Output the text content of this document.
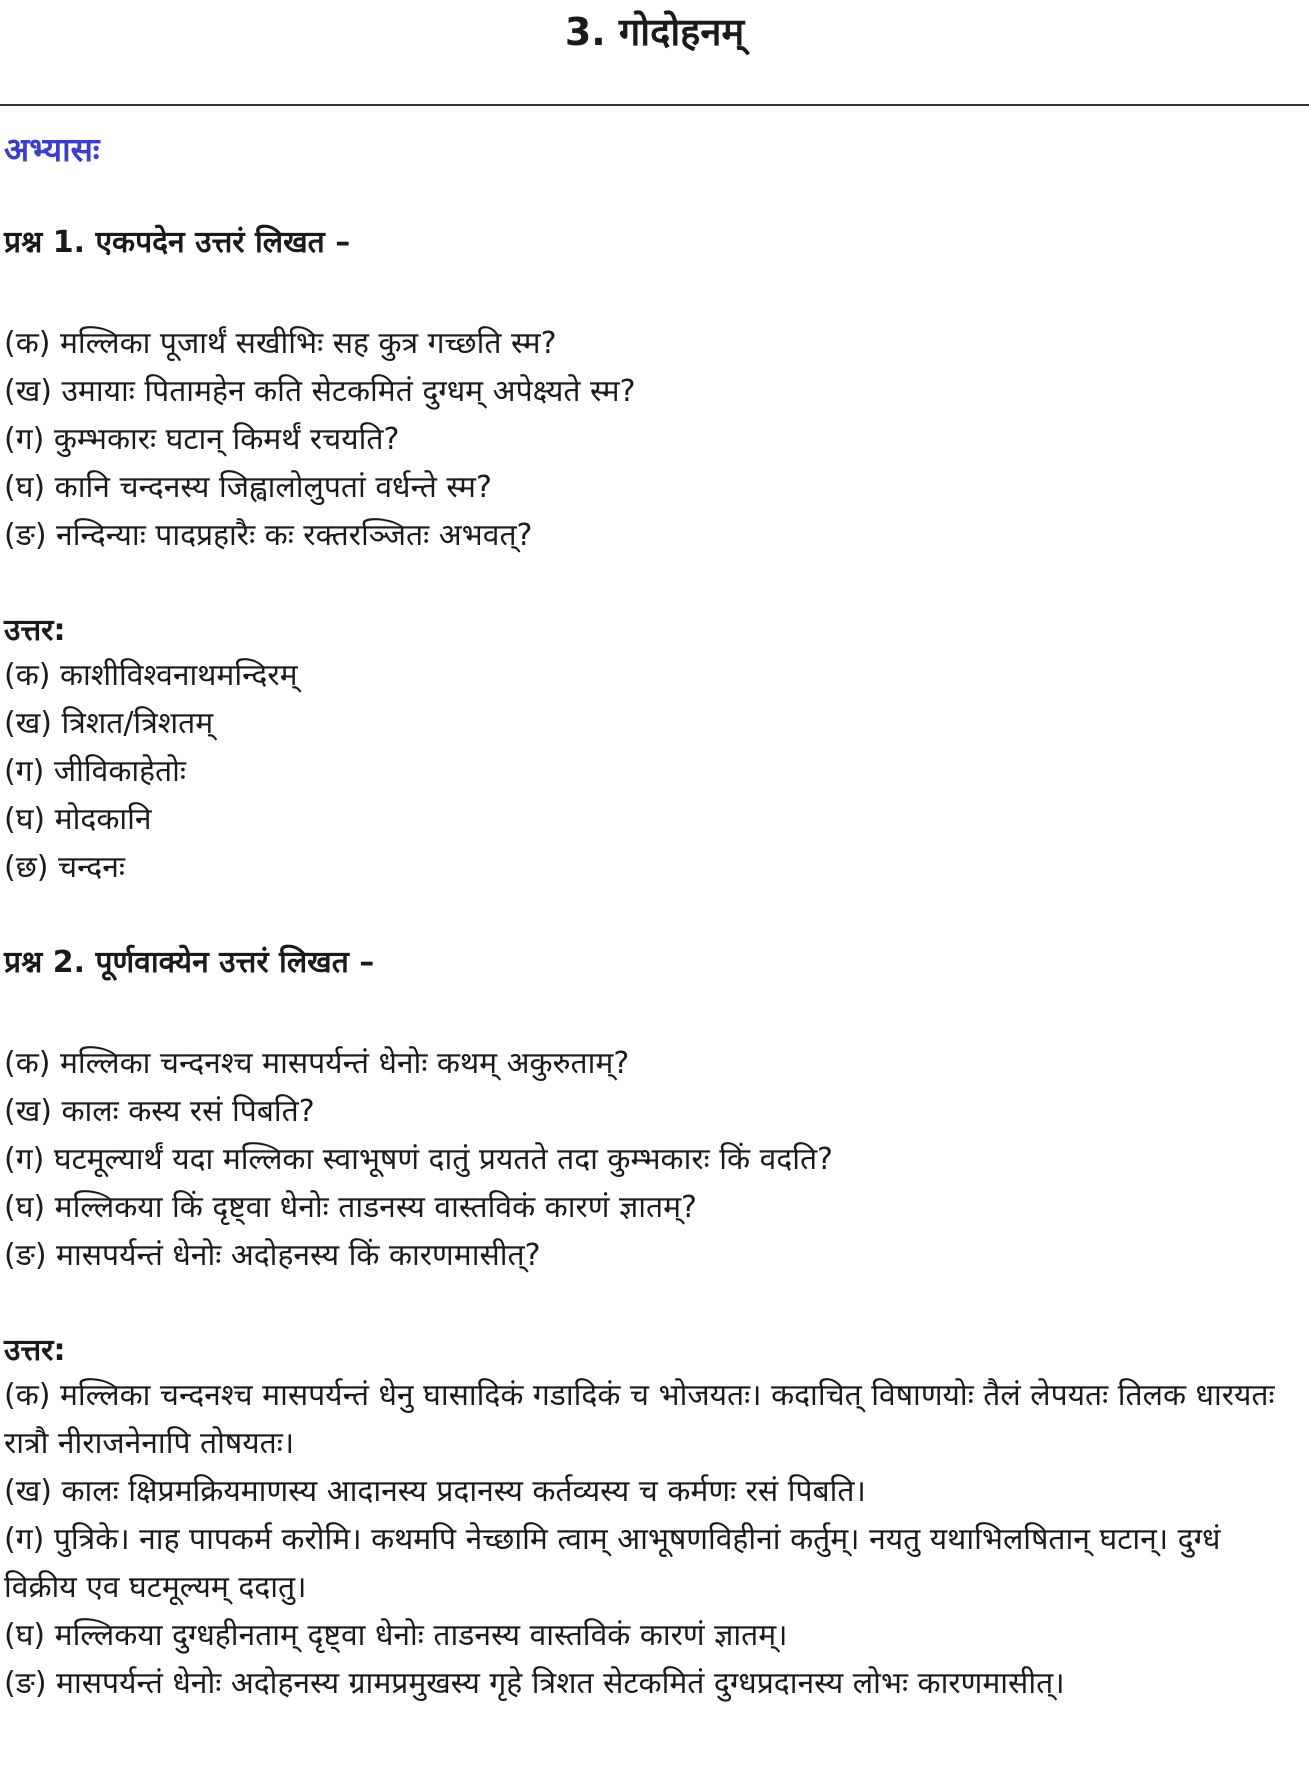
3. गोदोहनम्
अभ्यासः
प्रश्न 1. एकपदेन उत्तरं लिखत –
(क) मल्लिका पूजार्थं सखीभिः सह कुत्र गच्छति स्म?
(ख) उमायाः पितामहेन कति सेटकमितं दुग्धम् अपेक्ष्यते स्म?
(ग) कुम्भकारः घटान् किमर्थं रचयति?
(घ) कानि चन्दनस्य जिह्वालोलुपतां वर्धन्ते स्म?
(ङ) नन्दिन्याः पादप्रहारैः कः रक्तरञ्जितः अभवत्?
उत्तर:
(क) काशीविश्वनाथमन्दिरम्
(ख) त्रिशत/त्रिशतम्
(ग) जीविकाहेतोः
(घ) मोदकानि
(छ) चन्दनः
प्रश्न 2. पूर्णवाक्येन उत्तरं लिखत –
(क) मल्लिका चन्दनश्च मासपर्यन्तं धेनोः कथम् अकुरुताम्?
(ख) कालः कस्य रसं पिबति?
(ग) घटमूल्यार्थं यदा मल्लिका स्वाभूषणं दातुं प्रयतते तदा कुम्भकारः किं वदति?
(घ) मल्लिकया किं दृष्ट्वा धेनोः ताडनस्य वास्तविकं कारणं ज्ञातम्?
(ङ) मासपर्यन्तं धेनोः अदोहनस्य किं कारणमासीत्?
उत्तर:
(क) मल्लिका चन्दनश्च मासपर्यन्तं धेनु घासादिकं गडादिकं च भोजयतः। कदाचित् विषाणयोः तैलं लेपयतः तिलक धारयतः रात्रौ नीराजनेनापि तोषयतः।
(ख) कालः क्षिप्रमक्रियमाणस्य आदानस्य प्रदानस्य कर्तव्यस्य च कर्मणः रसं पिबति।
(ग) पुत्रिके। नाह पापकर्म करोमि। कथमपि नेच्छामि त्वाम् आभूषणविहीनां कर्तुम्। नयतु यथाभिलषितान् घटान्। दुग्धं विक्रीय एव घटमूल्यम् ददातु।
(घ) मल्लिकया दुग्धहीनताम् दृष्ट्वा धेनोः ताडनस्य वास्तविकं कारणं ज्ञातम्।
(ङ) मासपर्यन्तं धेनोः अदोहनस्य ग्रामप्रमुखस्य गृहे त्रिशत सेटकमितं दुग्धप्रदानस्य लोभः कारणमासीत्।
